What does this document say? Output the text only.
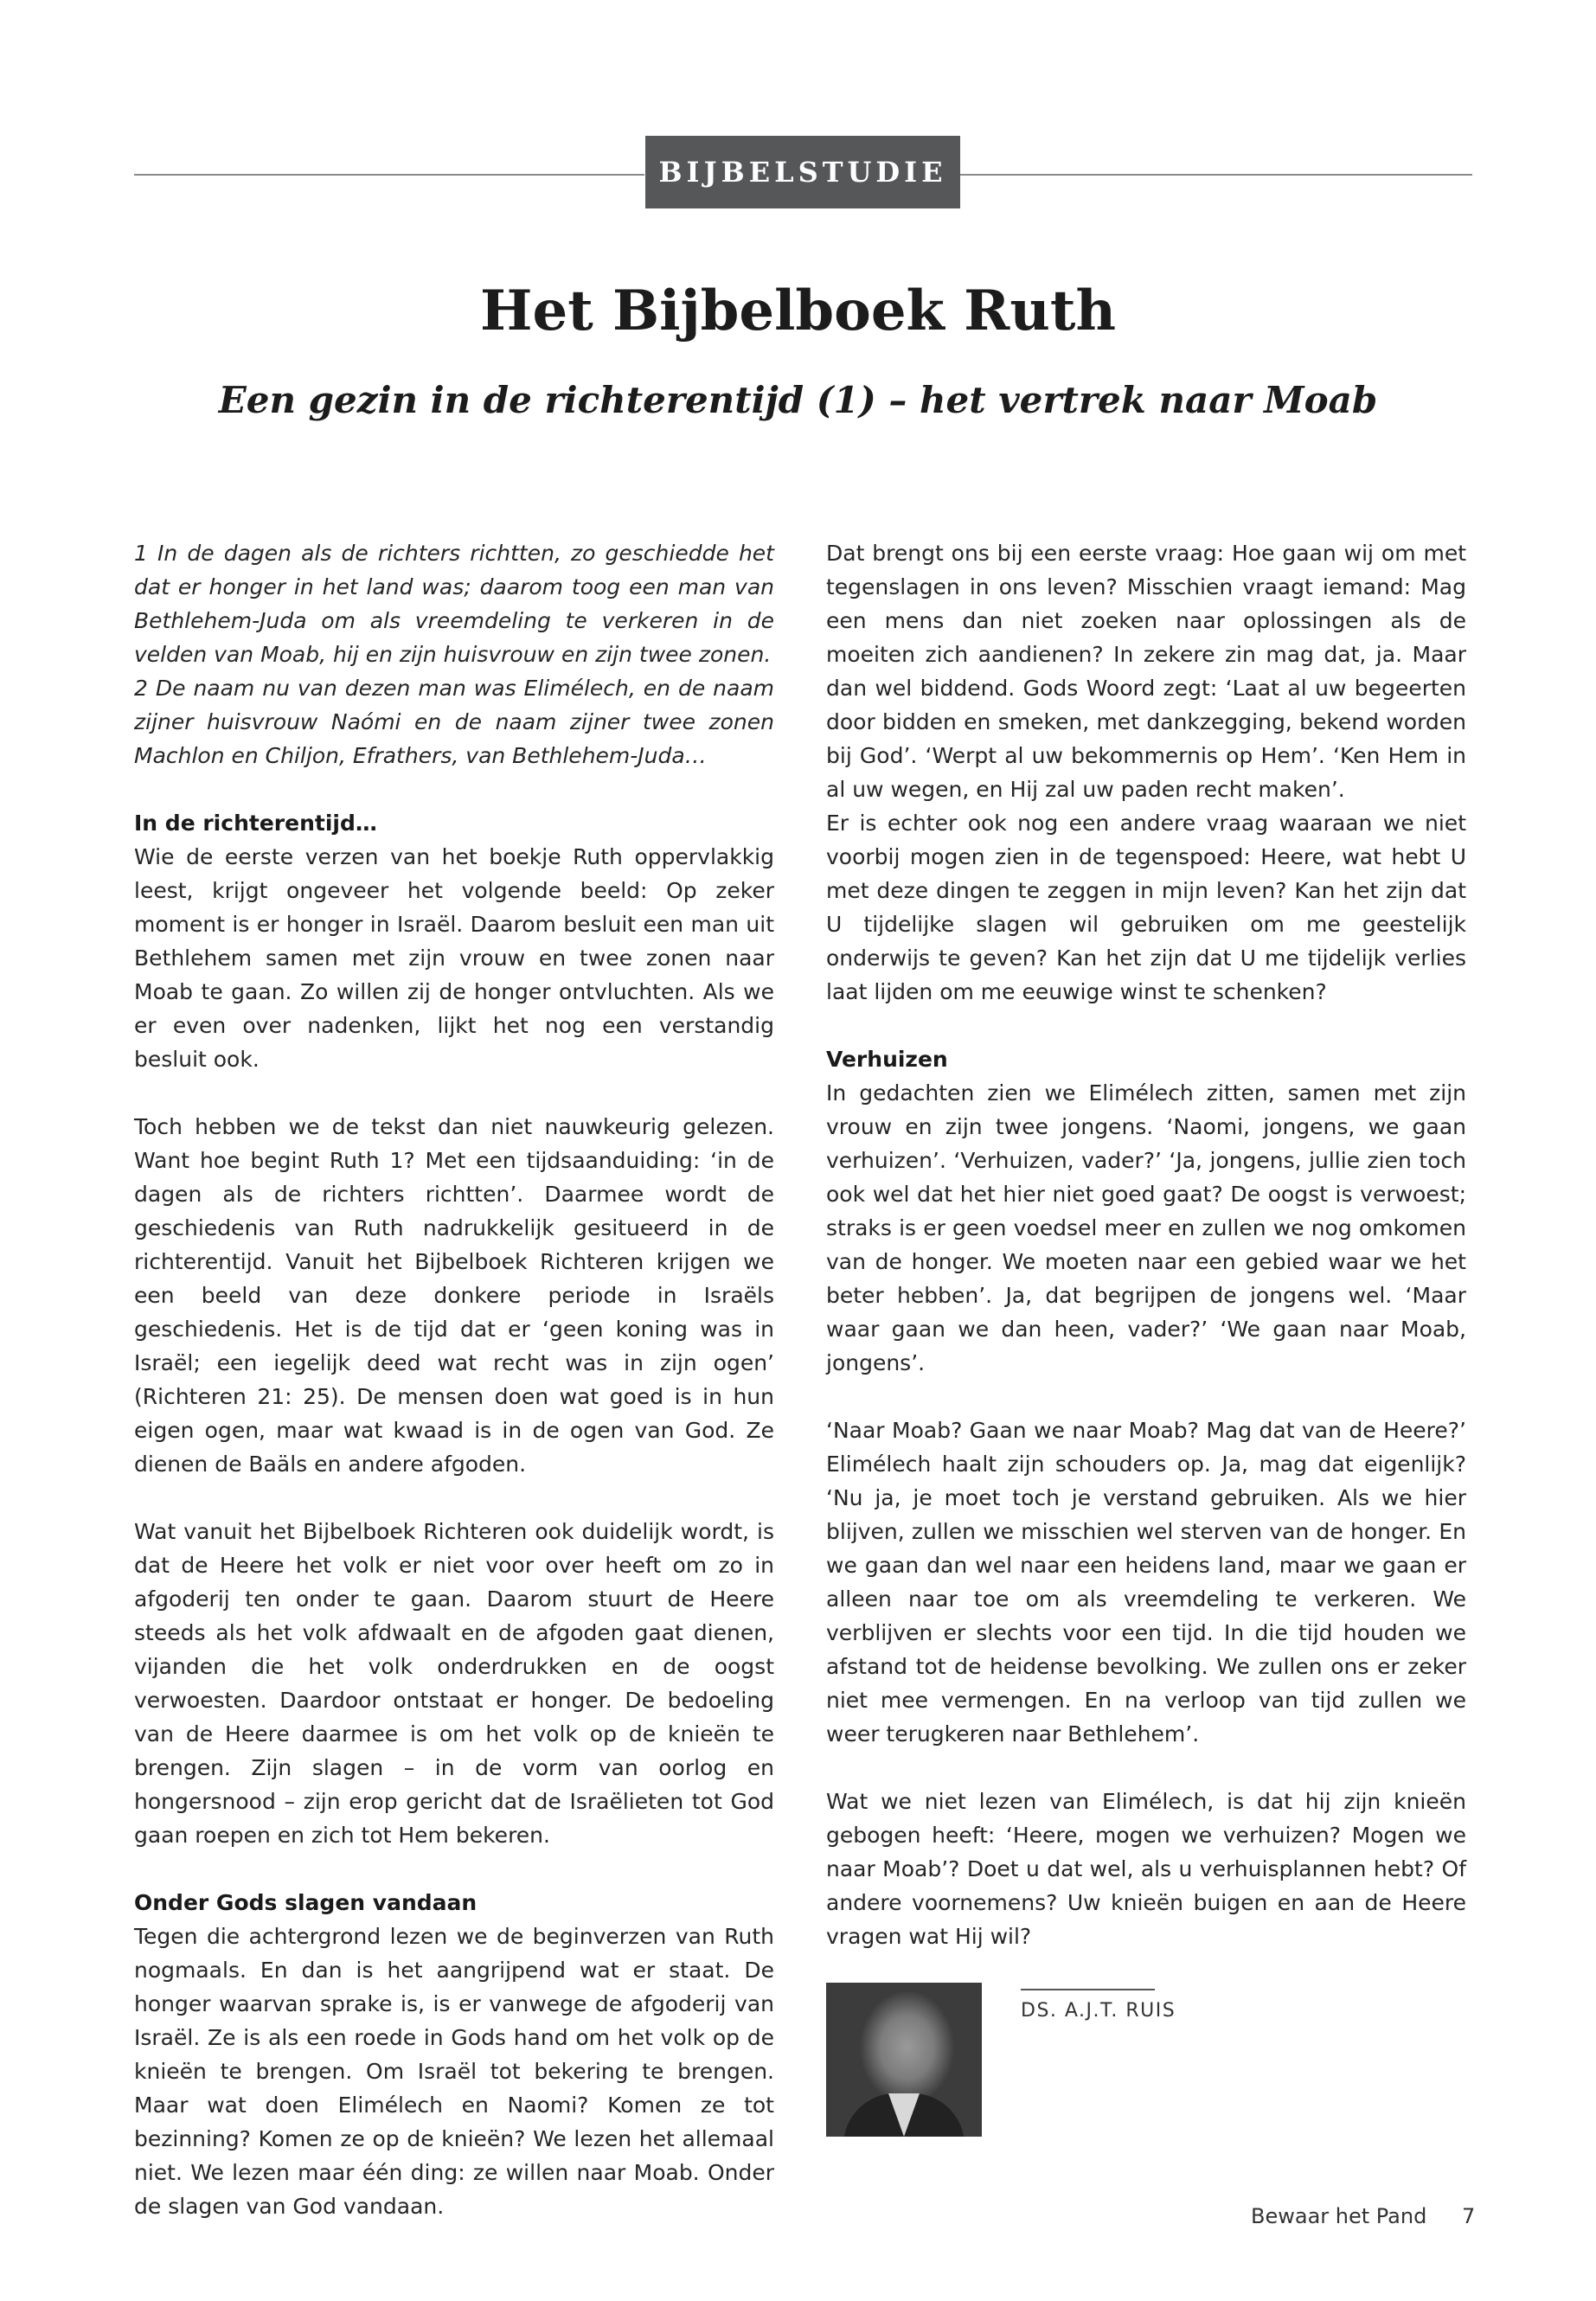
BIJBELSTUDIE
Het Bijbelboek Ruth
Een gezin in de richterentijd (1) – het vertrek naar Moab

1 In de dagen als de richters richtten, zo geschiedde het dat er honger in het land was; daarom toog een man van Bethlehem-Juda om als vreemdeling te verkeren in de velden van Moab, hij en zijn huisvrouw en zijn twee zonen.

2 De naam nu van dezen man was Elimélech, en de naam zijner huisvrouw Naómi en de naam zijner twee zonen Machlon en Chiljon, Efrathers, van Bethlehem-Juda…

In de richterentijd…

Wie de eerste verzen van het boekje Ruth oppervlakkig leest, krijgt ongeveer het volgende beeld: Op zeker moment is er honger in Israël. Daarom besluit een man uit Bethlehem samen met zijn vrouw en twee zonen naar Moab te gaan. Zo willen zij de honger ontvluchten. Als we er even over nadenken, lijkt het nog een verstandig besluit ook.

Toch hebben we de tekst dan niet nauwkeurig gelezen. Want hoe begint Ruth 1? Met een tijdsaanduiding: ‘in de dagen als de richters richtten’. Daarmee wordt de geschiedenis van Ruth nadrukkelijk gesitueerd in de richterentijd. Vanuit het Bijbelboek Richteren krijgen we een beeld van deze donkere periode in Israëls geschiedenis. Het is de tijd dat er ‘geen koning was in Israël; een iegelijk deed wat recht was in zijn ogen’ (Richteren 21: 25). De mensen doen wat goed is in hun eigen ogen, maar wat kwaad is in de ogen van God. Ze dienen de Baäls en andere afgoden.

Wat vanuit het Bijbelboek Richteren ook duidelijk wordt, is dat de Heere het volk er niet voor over heeft om zo in afgoderij ten onder te gaan. Daarom stuurt de Heere steeds als het volk afdwaalt en de afgoden gaat dienen, vijanden die het volk onderdrukken en de oogst verwoesten. Daardoor ontstaat er honger. De bedoeling van de Heere daarmee is om het volk op de knieën te brengen. Zijn slagen – in de vorm van oorlog en hongersnood – zijn erop gericht dat de Israëlieten tot God gaan roepen en zich tot Hem bekeren.

Onder Gods slagen vandaan

Tegen die achtergrond lezen we de beginverzen van Ruth nogmaals. En dan is het aangrijpend wat er staat. De honger waarvan sprake is, is er vanwege de afgoderij van Israël. Ze is als een roede in Gods hand om het volk op de knieën te brengen. Om Israël tot bekering te brengen. Maar wat doen Elimélech en Naomi? Komen ze tot bezinning? Komen ze op de knieën? We lezen het allemaal niet. We lezen maar één ding: ze willen naar Moab. Onder de slagen van God vandaan.

Dat brengt ons bij een eerste vraag: Hoe gaan wij om met tegenslagen in ons leven? Misschien vraagt iemand: Mag een mens dan niet zoeken naar oplossingen als de moeiten zich aandienen? In zekere zin mag dat, ja. Maar dan wel biddend. Gods Woord zegt: ‘Laat al uw begeerten door bidden en smeken, met dankzegging, bekend worden bij God’. ‘Werpt al uw bekommernis op Hem’. ‘Ken Hem in al uw wegen, en Hij zal uw paden recht maken’.

Er is echter ook nog een andere vraag waaraan we niet voorbij mogen zien in de tegenspoed: Heere, wat hebt U met deze dingen te zeggen in mijn leven? Kan het zijn dat U tijdelijke slagen wil gebruiken om me geestelijk onderwijs te geven? Kan het zijn dat U me tijdelijk verlies laat lijden om me eeuwige winst te schenken?

Verhuizen

In gedachten zien we Elimélech zitten, samen met zijn vrouw en zijn twee jongens. ‘Naomi, jongens, we gaan verhuizen’. ‘Verhuizen, vader?’ ‘Ja, jongens, jullie zien toch ook wel dat het hier niet goed gaat? De oogst is verwoest; straks is er geen voedsel meer en zullen we nog omkomen van de honger. We moeten naar een gebied waar we het beter hebben’. Ja, dat begrijpen de jongens wel. ‘Maar waar gaan we dan heen, vader?’ ‘We gaan naar Moab, jongens’.

‘Naar Moab? Gaan we naar Moab? Mag dat van de Heere?’ Elimélech haalt zijn schouders op. Ja, mag dat eigenlijk? ‘Nu ja, je moet toch je verstand gebruiken. Als we hier blijven, zullen we misschien wel sterven van de honger. En we gaan dan wel naar een heidens land, maar we gaan er alleen naar toe om als vreemdeling te verkeren. We verblijven er slechts voor een tijd. In die tijd houden we afstand tot de heidense bevolking. We zullen ons er zeker niet mee vermengen. En na verloop van tijd zullen we weer terugkeren naar Bethlehem’.

Wat we niet lezen van Elimélech, is dat hij zijn knieën gebogen heeft: ‘Heere, mogen we verhuizen? Mogen we naar Moab’? Doet u dat wel, als u verhuisplannen hebt? Of andere voornemens? Uw knieën buigen en aan de Heere vragen wat Hij wil?

DS. A.J.T. RUIS
Bewaar het Pand 7
